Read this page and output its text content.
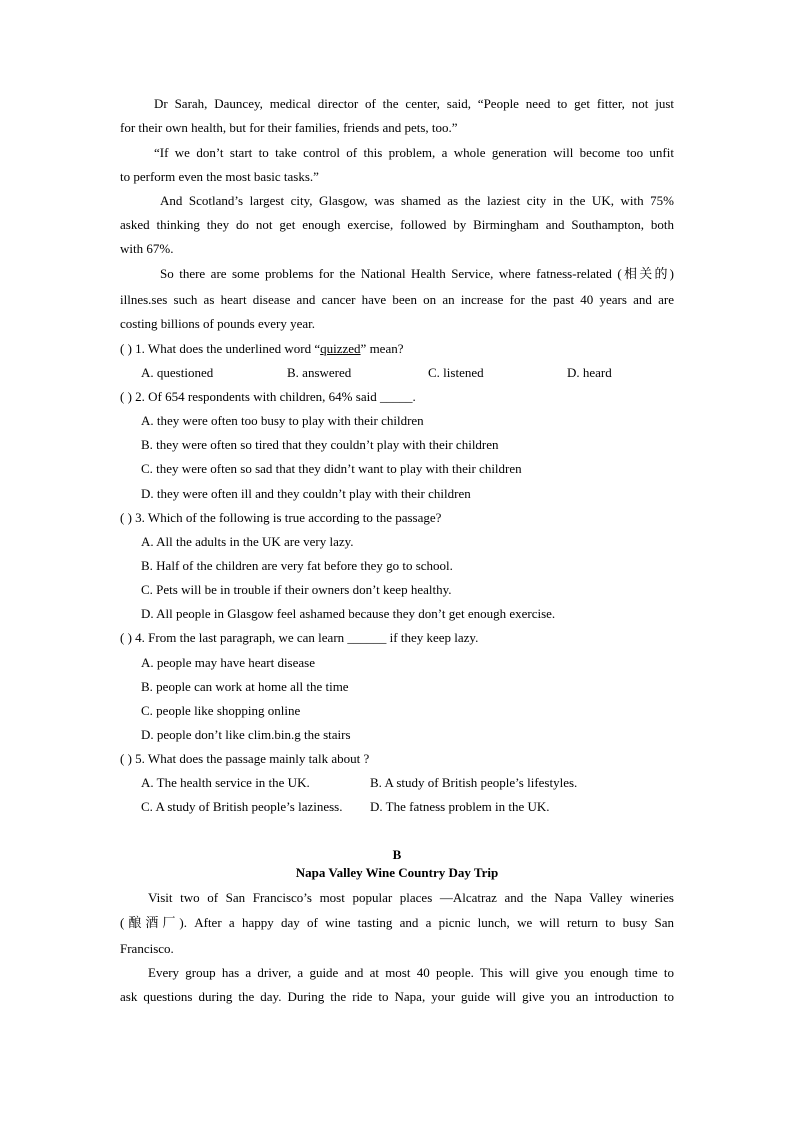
Dr Sarah, Dauncey, medical director of the center, said, “People need to get fitter, not just
for their own health, but for their families, friends and pets, too.”
“If we don’t start to take control of this problem, a whole generation will become too unfit
to perform even the most basic tasks.”
And Scotland’s largest city, Glasgow, was shamed as the laziest city in the UK, with 75%
asked thinking they do not get enough exercise, followed by Birmingham and Southampton, both
with 67%.
So there are some problems for the National Health Service, where fatness-related (相关的)
illnes.ses such as heart disease and cancer have been on an increase for the past 40 years and are
costing billions of pounds every year.
( ) 1. What does the underlined word “quizzed” mean?
A. questioned	B. answered	C. listened	D. heard
( ) 2. Of 654 respondents with children, 64% said _____.
A. they were often too busy to play with their children
B. they were often so tired that they couldn’t play with their children
C. they were often so sad that they didn’t want to play with their children
D. they were often ill and they couldn’t play with their children
( ) 3. Which of the following is true according to the passage?
A. All the adults in the UK are very lazy.
B. Half of the children are very fat before they go to school.
C. Pets will be in trouble if their owners don’t keep healthy.
D. All people in Glasgow feel ashamed because they don’t get enough exercise.
( ) 4. From the last paragraph, we can learn ______ if they keep lazy.
A. people may have heart disease
B. people can work at home all the time
C. people like shopping online
D. people don’t like clim.bin.g the stairs
( ) 5. What does the passage mainly talk about ?
A. The health service in the UK.	B. A study of British people’s lifestyles.
C. A study of British people’s laziness. D. The fatness problem in the UK.
B
Napa Valley Wine Country Day Trip
Visit two of San Francisco’s most popular places —Alcatraz and the Napa Valley wineries
(酿酒厂). After a happy day of wine tasting and a picnic lunch, we will return to busy San
Francisco.
Every group has a driver, a guide and at most 40 people. This will give you enough time to
ask questions during the day. During the ride to Napa, your guide will give you an introduction to
